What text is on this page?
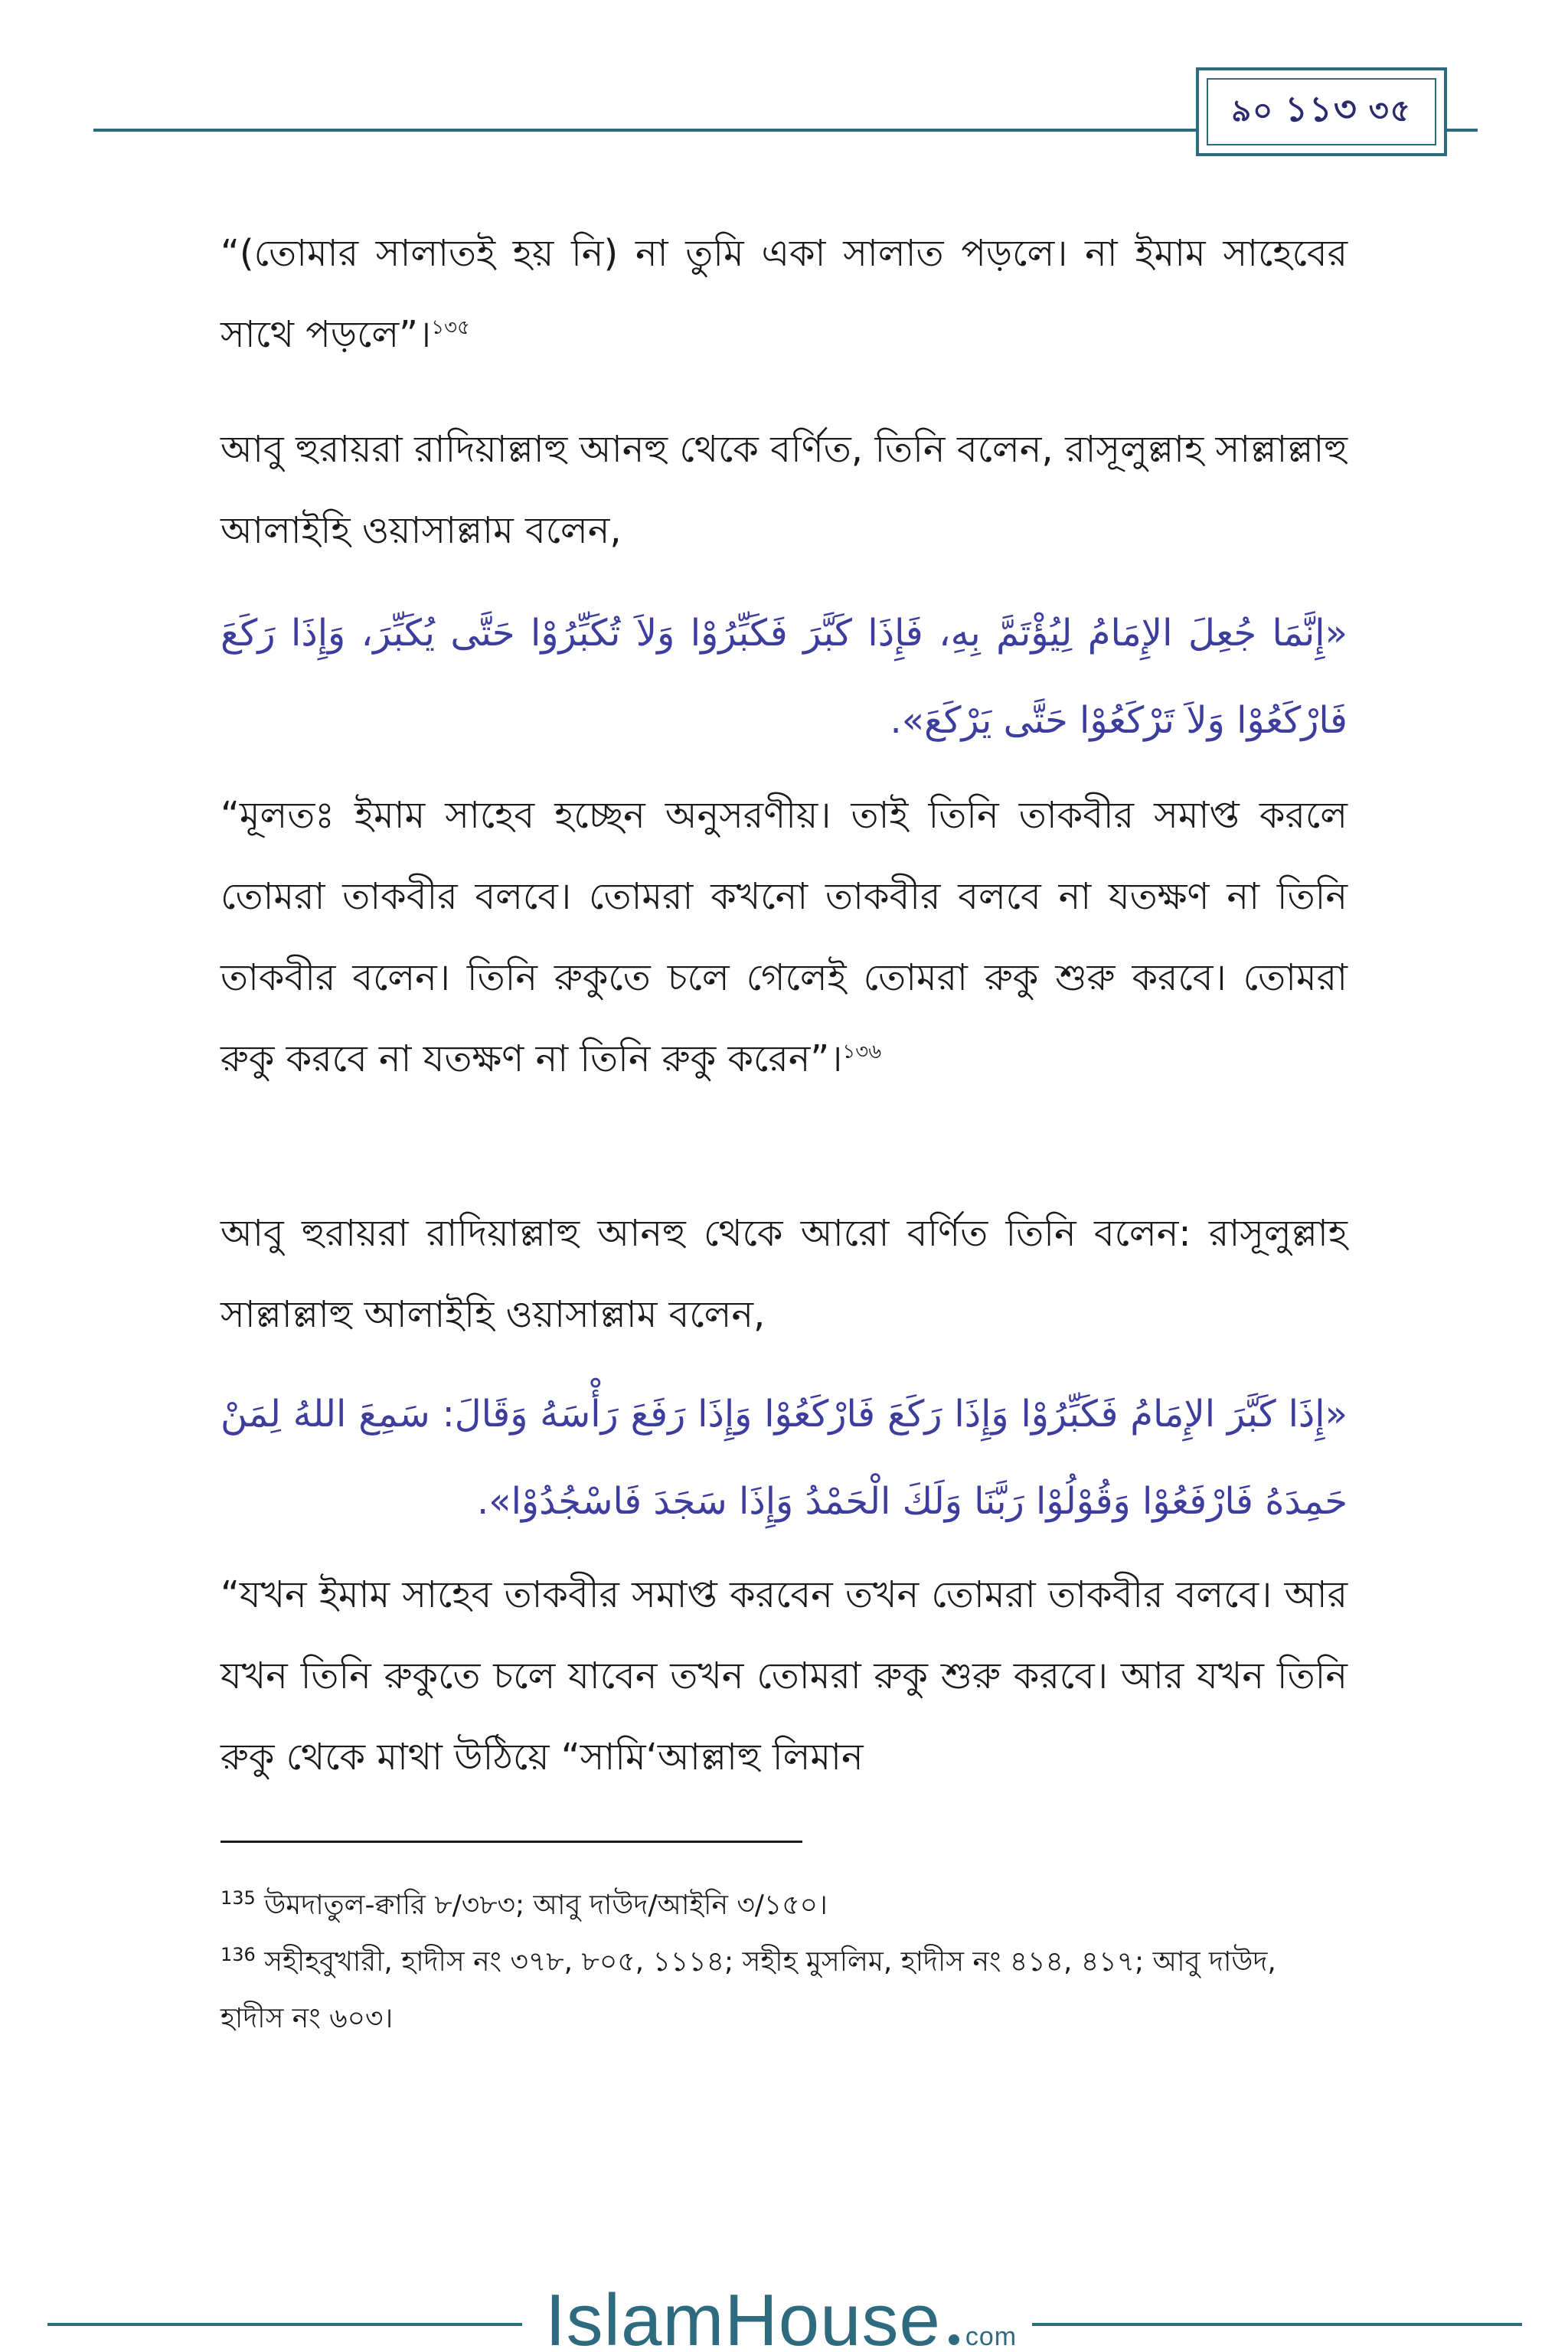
৯০ ১১৩ ৩৫
“(তোমার সালাতই হয় নি) না তুমি একা সালাত পড়লে। না ইমাম সাহেবের সাথে পড়লে”।$^{১৩৫}$
আবু হুরায়রা রাদিয়াল্লাহু আনহু থেকে বর্ণিত, তিনি বলেন, রাসূলুল্লাহ সাল্লাল্লাহু আলাইহি ওয়াসাল্লাম বলেন,
«إِنَّمَا جُعِلَ الإِمَامُ لِيُؤْتَمَّ بِهِ، فَإِذَا كَبَّرَ فَكَبِّرُوْا وَلاَ تُكَبِّرُوْا حَتَّى يُكَبِّرَ، وَإِذَا رَكَعَ فَارْكَعُوْا وَلاَ تَرْكَعُوْا حَتَّى يَرْكَعَ».
“মূলতঃ ইমাম সাহেব হচ্ছেন অনুসরণীয়। তাই তিনি তাকবীর সমাপ্ত করলে তোমরা তাকবীর বলবে। তোমরা কখনো তাকবীর বলবে না যতক্ষণ না তিনি তাকবীর বলেন। তিনি রুকুতে চলে গেলেই তোমরা রুকু শুরু করবে। তোমরা রুকু করবে না যতক্ষণ না তিনি রুকু করেন”।$^{১৩৬}$
আবু হুরায়রা রাদিয়াল্লাহু আনহু থেকে আরো বর্ণিত তিনি বলেন: রাসূলুল্লাহ সাল্লাল্লাহু আলাইহি ওয়াসাল্লাম বলেন,
«إِذَا كَبَّرَ الإِمَامُ فَكَبِّرُوْا وَإِذَا رَكَعَ فَارْكَعُوْا وَإِذَا رَفَعَ رَأْسَهُ وَقَالَ: سَمِعَ اللهُ لِمَنْ حَمِدَهُ فَارْفَعُوْا وَقُوْلُوْا رَبَّنَا وَلَكَ الْحَمْدُ وَإِذَا سَجَدَ فَاسْجُدُوْا».
“যখন ইমাম সাহেব তাকবীর সমাপ্ত করবেন তখন তোমরা তাকবীর বলবে। আর যখন তিনি রুকুতে চলে যাবেন তখন তোমরা রুকু শুরু করবে। আর যখন তিনি রুকু থেকে মাথা উঠিয়ে “সামি‘আল্লাহু লিমান
$^{135}$ উমদাতুল-ক্বারি ৮/৩৮৩; আবু দাউদ/আইনি ৩/১৫০।
$^{136}$ সহীহবুখারী, হাদীস নং ৩৭৮, ৮০৫, ১১১৪; সহীহ মুসলিম, হাদীস নং ৪১৪, ৪১৭; আবু দাউদ, হাদীস নং ৬০৩।
IslamHouse com
